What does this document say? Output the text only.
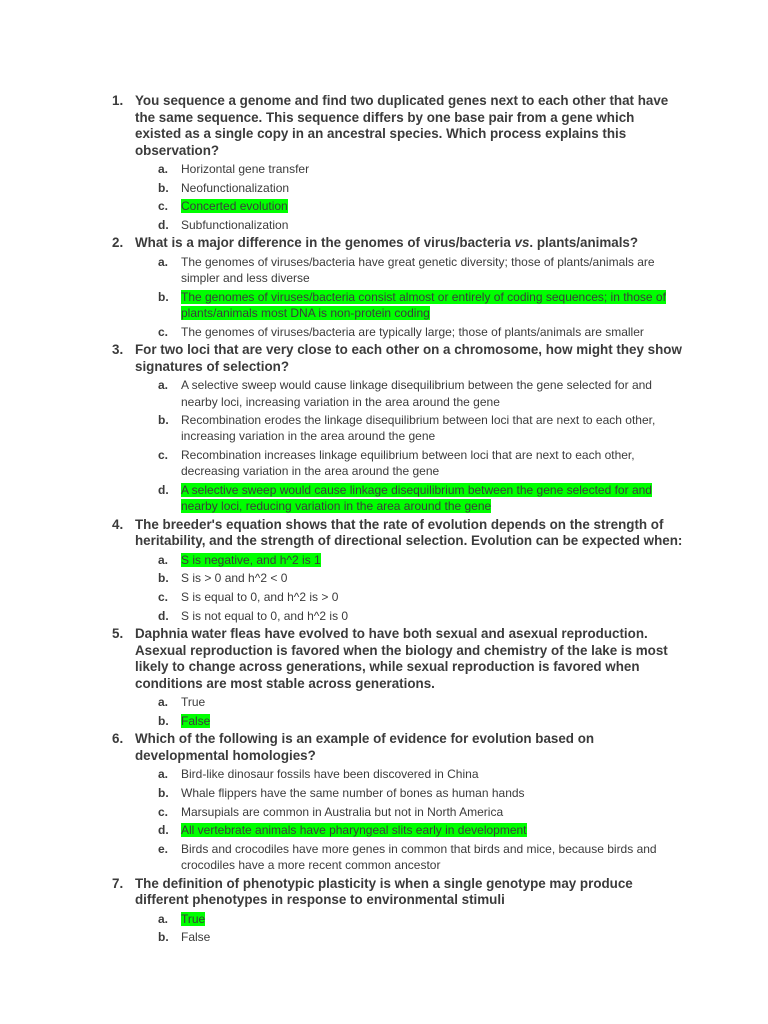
1. You sequence a genome and find two duplicated genes next to each other that have the same sequence. This sequence differs by one base pair from a gene which existed as a single copy in an ancestral species. Which process explains this observation?
a. Horizontal gene transfer
b. Neofunctionalization
c. Concerted evolution
d. Subfunctionalization
2. What is a major difference in the genomes of virus/bacteria vs. plants/animals?
a. The genomes of viruses/bacteria have great genetic diversity; those of plants/animals are simpler and less diverse
b. The genomes of viruses/bacteria consist almost or entirely of coding sequences; in those of plants/animals most DNA is non-protein coding
c. The genomes of viruses/bacteria are typically large; those of plants/animals are smaller
3. For two loci that are very close to each other on a chromosome, how might they show signatures of selection?
a. A selective sweep would cause linkage disequilibrium between the gene selected for and nearby loci, increasing variation in the area around the gene
b. Recombination erodes the linkage disequilibrium between loci that are next to each other, increasing variation in the area around the gene
c. Recombination increases linkage equilibrium between loci that are next to each other, decreasing variation in the area around the gene
d. A selective sweep would cause linkage disequilibrium between the gene selected for and nearby loci, reducing variation in the area around the gene
4. The breeder's equation shows that the rate of evolution depends on the strength of heritability, and the strength of directional selection. Evolution can be expected when:
a. S is negative, and h^2 is 1
b. S is > 0 and h^2 < 0
c. S is equal to 0, and h^2 is > 0
d. S is not equal to 0, and h^2 is 0
5. Daphnia water fleas have evolved to have both sexual and asexual reproduction. Asexual reproduction is favored when the biology and chemistry of the lake is most likely to change across generations, while sexual reproduction is favored when conditions are most stable across generations.
a. True
b. False
6. Which of the following is an example of evidence for evolution based on developmental homologies?
a. Bird-like dinosaur fossils have been discovered in China
b. Whale flippers have the same number of bones as human hands
c. Marsupials are common in Australia but not in North America
d. All vertebrate animals have pharyngeal slits early in development
e. Birds and crocodiles have more genes in common that birds and mice, because birds and crocodiles have a more recent common ancestor
7. The definition of phenotypic plasticity is when a single genotype may produce different phenotypes in response to environmental stimuli
a. True
b. False
